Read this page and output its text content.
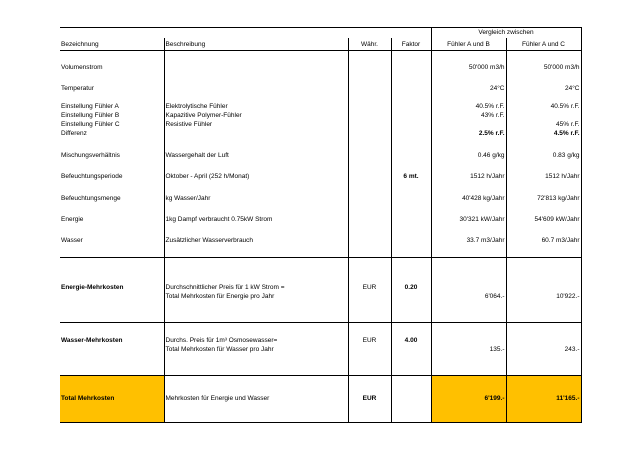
				Vergleich zwischen	
Bezeichnung	Beschreibung	Währ.	Faktor	Fühler A und B	Fühler A und C

Volumenstrom				50'000 m3/h	50'000 m3/h

Temperatur				24°C	24°C

Einstellung Fühler A	Elektrolytische Fühler			40.5% r.F.	40.5% r.F.
Einstellung Fühler B	Kapazitive Polymer-Fühler			43% r.F.	
Einstellung Fühler C	Resistive Fühler				45% r.F.
Differenz				2.5% r.F.	4.5% r.F.

Mischungsverhältnis	Wassergehalt der Luft			0.46 g/kg	0.83 g/kg

Befeuchtungsperiode	Oktober - April (252 h/Monat)		6 mt.	1512 h/Jahr	1512 h/Jahr

Befeuchtungsmenge	kg Wasser/Jahr			40'428 kg/Jahr	72'813 kg/Jahr

Energie	1kg Dampf verbraucht 0.75kW Strom			30'321 kW/Jahr	54'609 kW/Jahr

Wasser	Zusätzlicher Wasserverbrauch			33.7 m3/Jahr	60.7 m3/Jahr

Energie-Mehrkosten	Durchschnittlicher Preis für 1 kW Strom =	EUR	0.20		
	Total Mehrkosten für Energie pro Jahr			6'064.-	10'922.-

Wasser-Mehrkosten	Durchs. Preis für 1m³ Osmosewasser=	EUR	4.00		
	Total Mehrkosten für Wasser pro Jahr			135.-	243.-

Total Mehrkosten	Mehrkosten für Energie und Wasser	EUR		6'199.-	11'165.-
